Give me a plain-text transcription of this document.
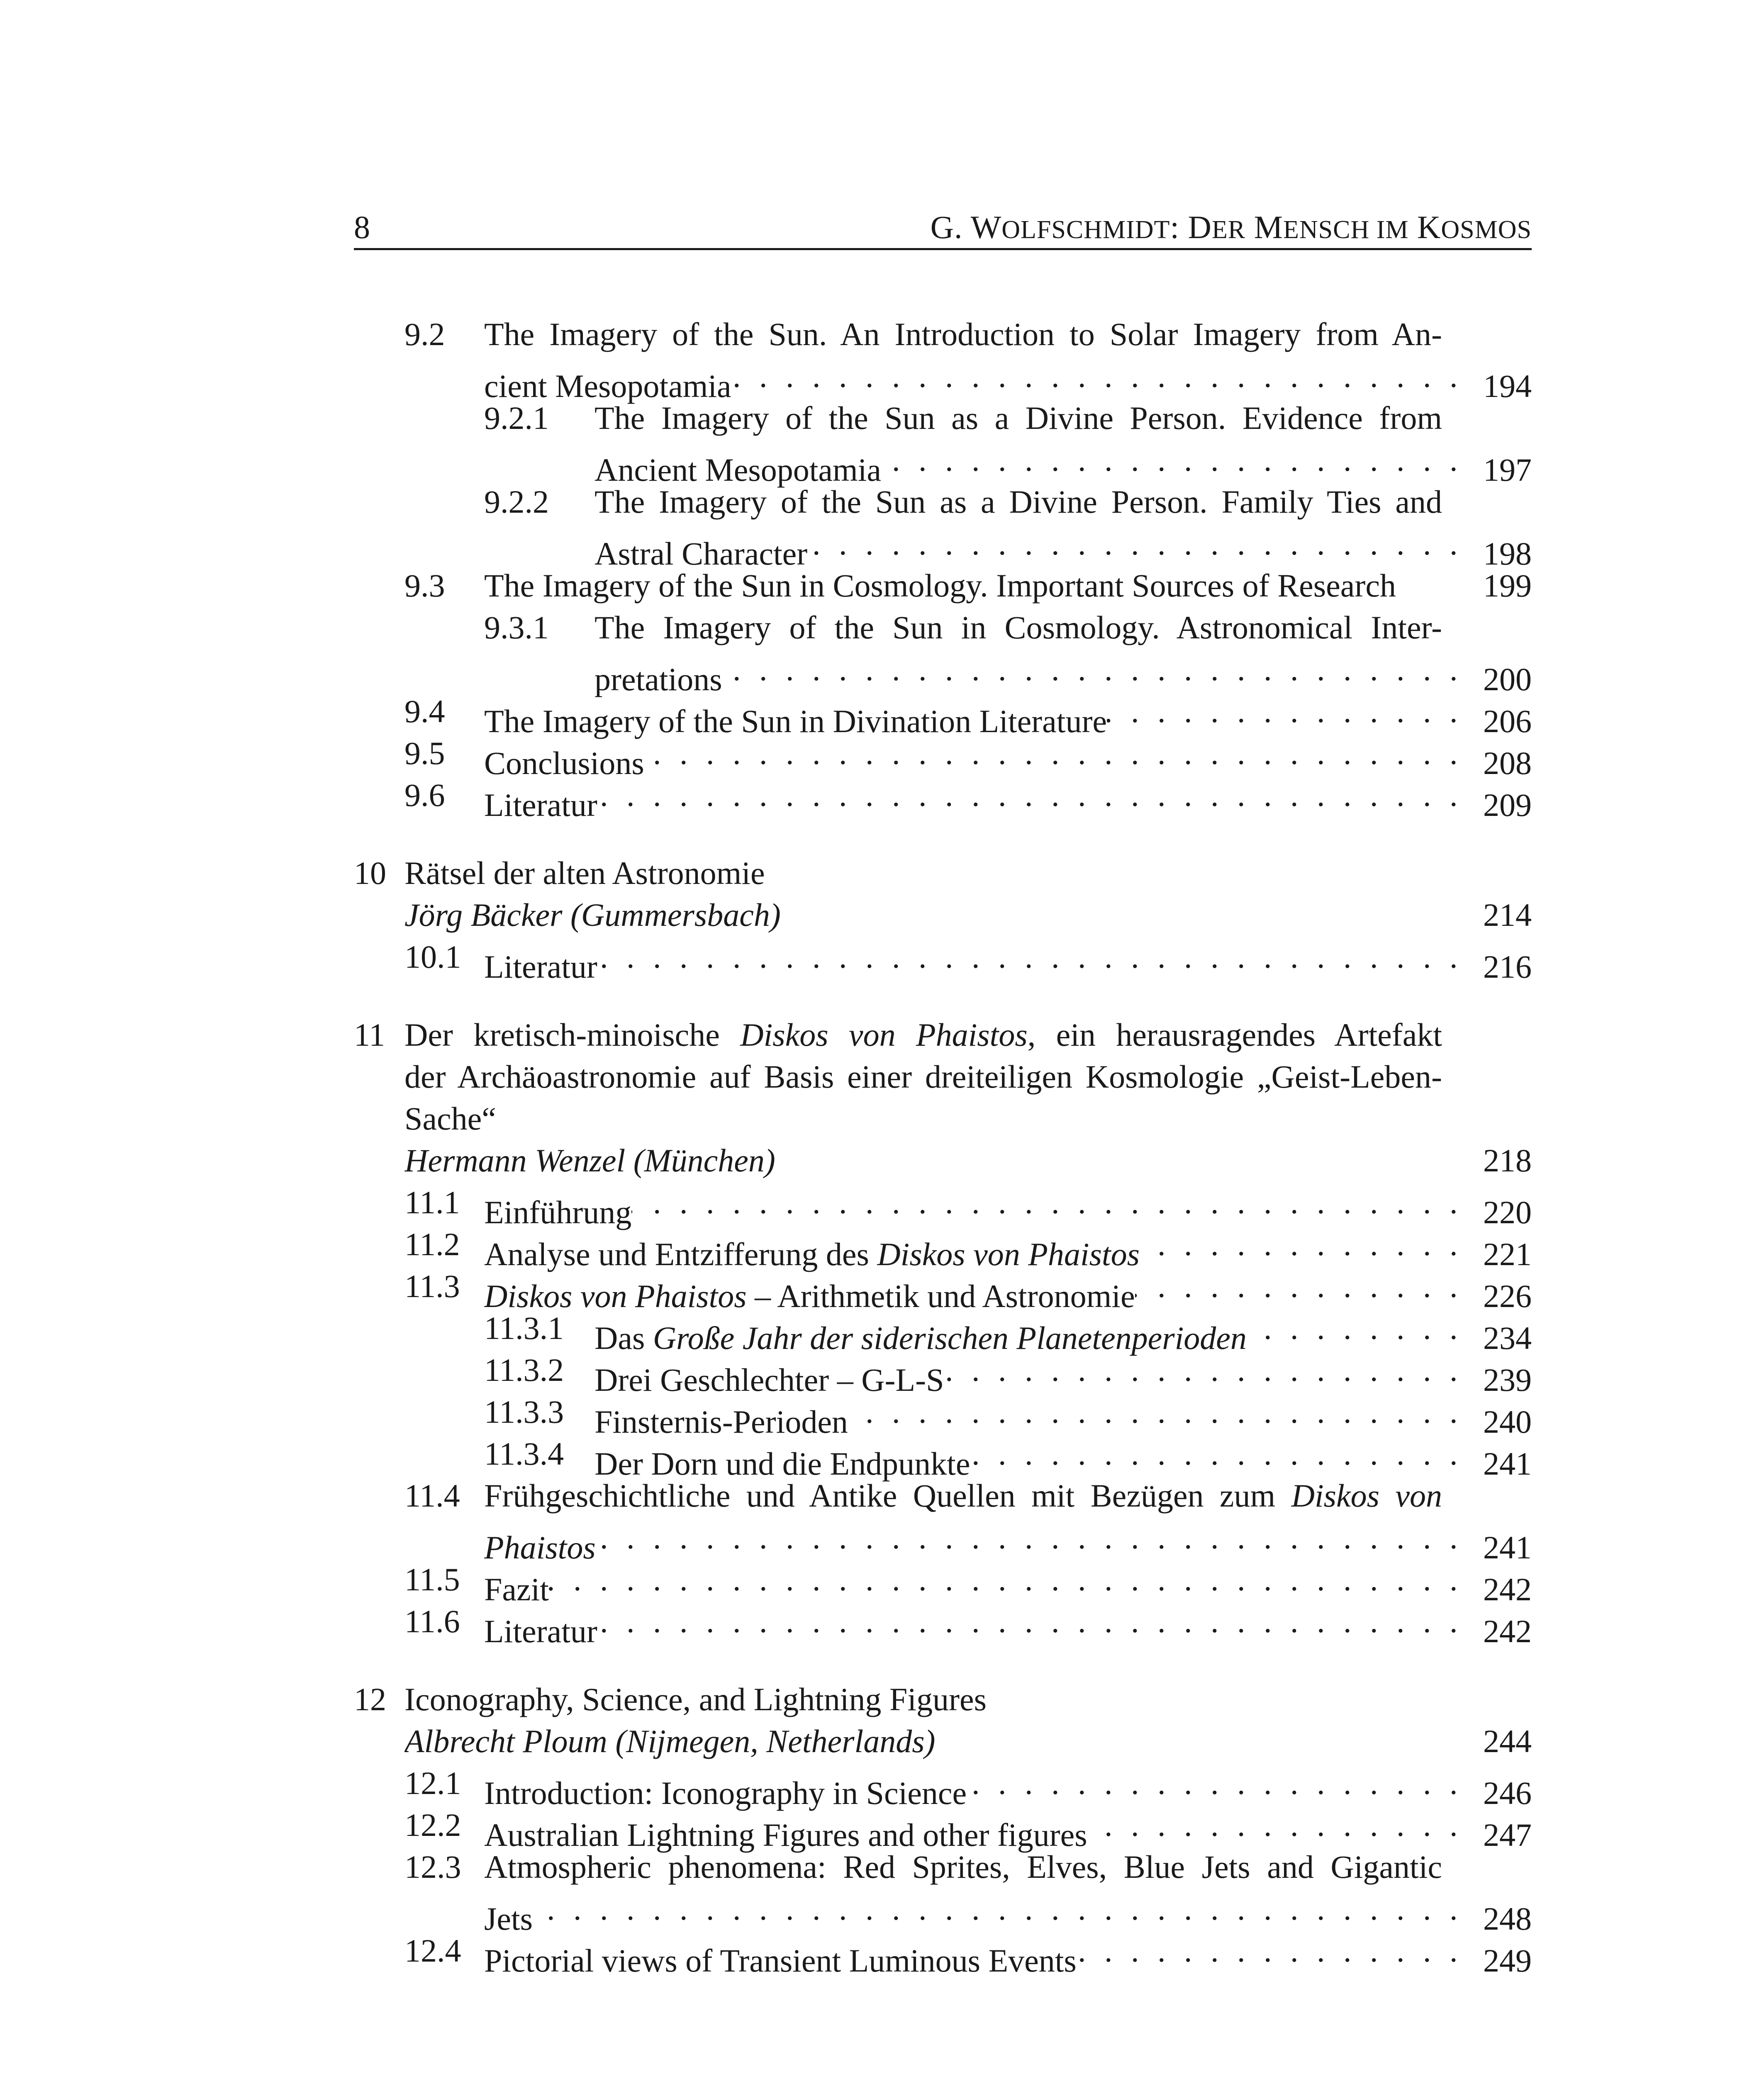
8	G. WOLFSCHMIDT: DER MENSCH IM KOSMOS
9.2 The Imagery of the Sun. An Introduction to Solar Imagery from An-
cient Mesopotamia . . .	194
9.2.1 The Imagery of the Sun as a Divine Person. Evidence from
Ancient Mesopotamia . . .	197
9.2.2 The Imagery of the Sun as a Divine Person. Family Ties and
Astral Character . . .	198
9.3 The Imagery of the Sun in Cosmology. Important Sources of Research	199
9.3.1 The Imagery of the Sun in Cosmology. Astronomical Inter-
pretations . . .	200
9.4 The Imagery of the Sun in Divination Literature . . .	206
9.5 Conclusions . . .	208
9.6 Literatur . . .	209
10 Rätsel der alten Astronomie
Jörg Bäcker (Gummersbach)	214
10.1 Literatur . . .	216
11 Der kretisch-minoische Diskos von Phaistos, ein herausragendes Artefakt
der Archäoastronomie auf Basis einer dreiteiligen Kosmologie „Geist-Leben-
Sache“
Hermann Wenzel (München)	218
11.1 Einführung . . .	220
11.2 Analyse und Entzifferung des Diskos von Phaistos . . .	221
11.3 Diskos von Phaistos – Arithmetik und Astronomie . . .	226
11.3.1 Das Große Jahr der siderischen Planetenperioden . . .	234
11.3.2 Drei Geschlechter – G-L-S . . .	239
11.3.3 Finsternis-Perioden . . .	240
11.3.4 Der Dorn und die Endpunkte . . .	241
11.4 Frühgeschichtliche und Antike Quellen mit Bezügen zum Diskos von
Phaistos . . .	241
11.5 Fazit . . .	242
11.6 Literatur . . .	242
12 Iconography, Science, and Lightning Figures
Albrecht Ploum (Nijmegen, Netherlands)	244
12.1 Introduction: Iconography in Science . . .	246
12.2 Australian Lightning Figures and other figures . . .	247
12.3 Atmospheric phenomena: Red Sprites, Elves, Blue Jets and Gigantic
Jets . . .	248
12.4 Pictorial views of Transient Luminous Events . . .	249
